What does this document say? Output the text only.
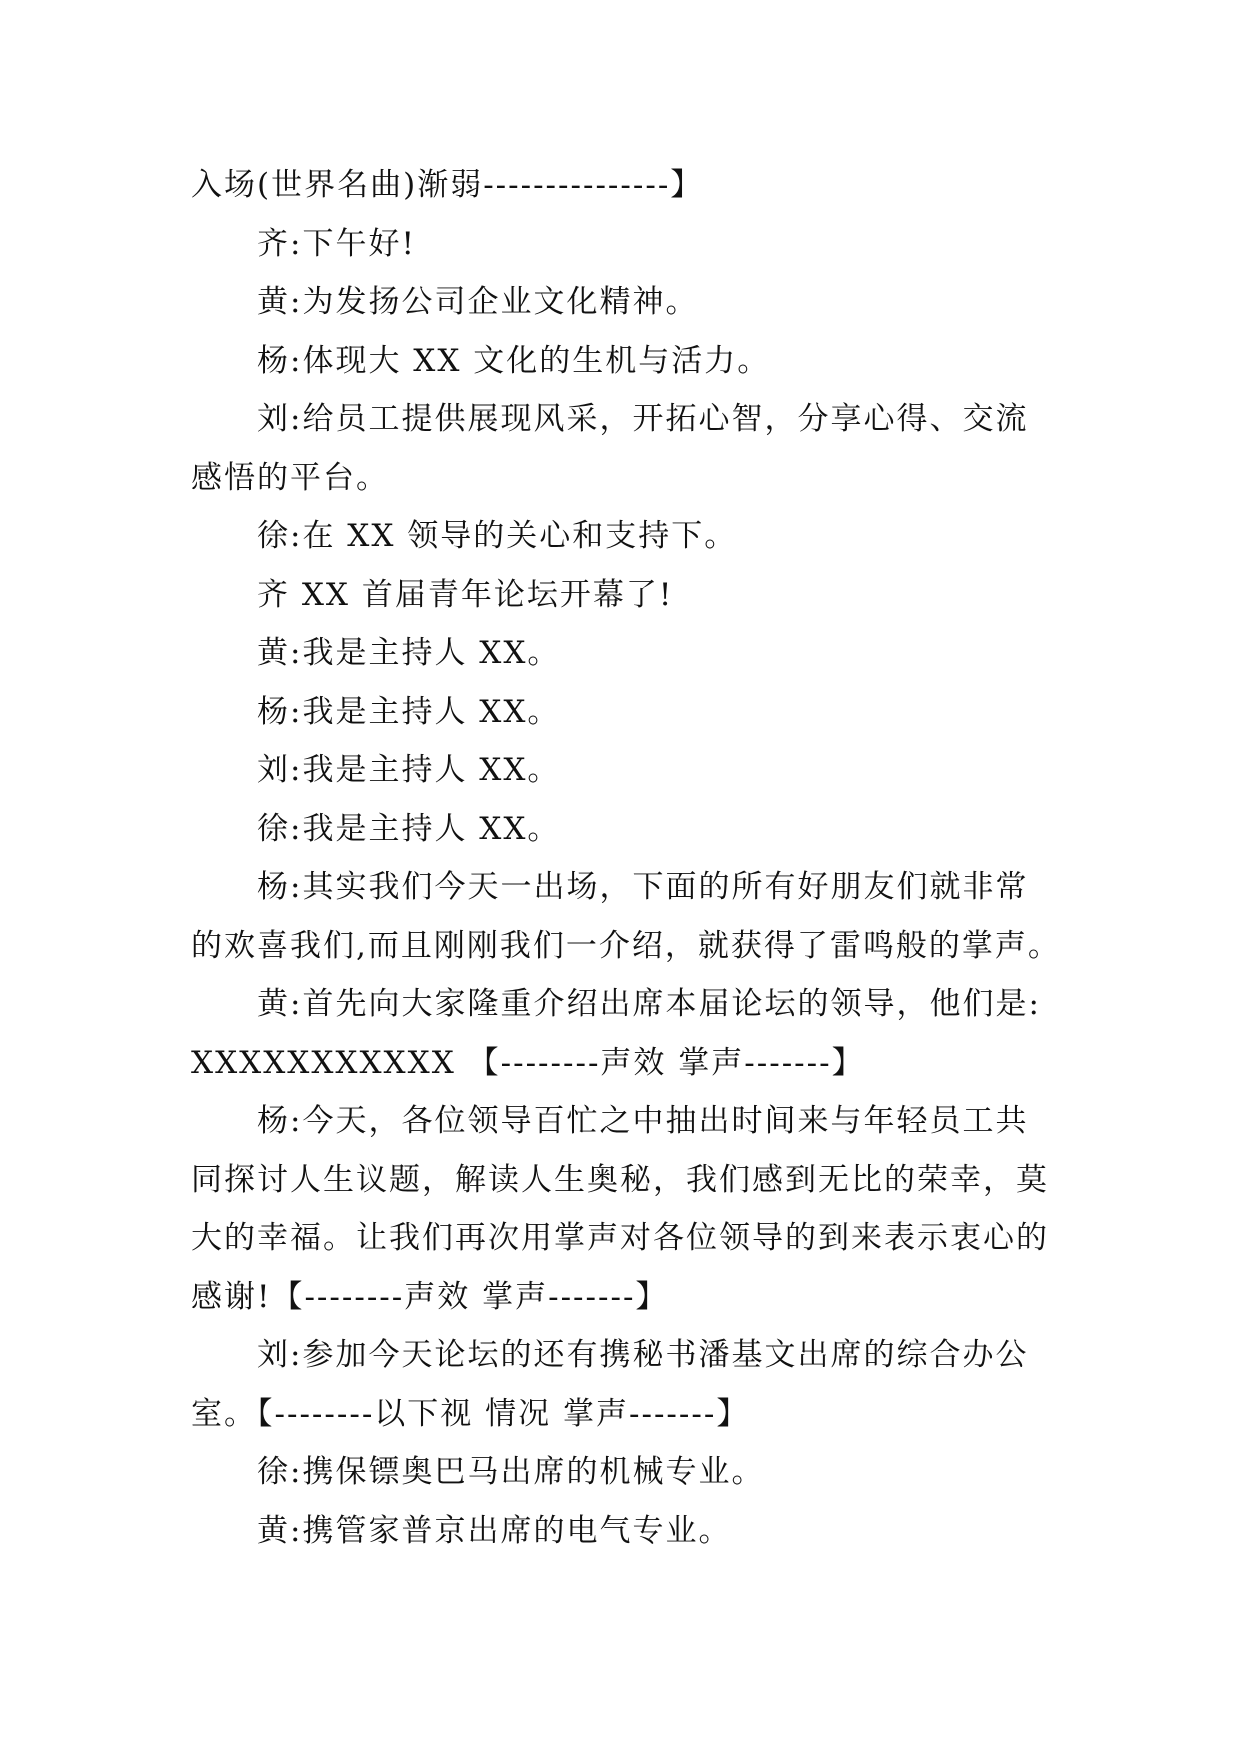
入场(世界名曲)渐弱---------------】

齐:下午好!

黄:为发扬公司企业文化精神。

杨:体现大 XX 文化的生机与活力。

刘:给员工提供展现风采，开拓心智，分享心得、交流感悟的平台。

徐:在 XX 领导的关心和支持下。

齐 XX 首届青年论坛开幕了!

黄:我是主持人 XX。

杨:我是主持人 XX。

刘:我是主持人 XX。

徐:我是主持人 XX。

杨:其实我们今天一出场，下面的所有好朋友们就非常的欢喜我们,而且刚刚我们一介绍，就获得了雷鸣般的掌声。

黄:首先向大家隆重介绍出席本届论坛的领导，他们是:XXXXXXXXXXX 【--------声效 掌声-------】

杨:今天，各位领导百忙之中抽出时间来与年轻员工共同探讨人生议题，解读人生奥秘，我们感到无比的荣幸，莫大的幸福。让我们再次用掌声对各位领导的到来表示衷心的感谢!【--------声效 掌声-------】

刘:参加今天论坛的还有携秘书潘基文出席的综合办公室。【--------以下视 情况 掌声-------】

徐:携保镖奥巴马出席的机械专业。

黄:携管家普京出席的电气专业。
